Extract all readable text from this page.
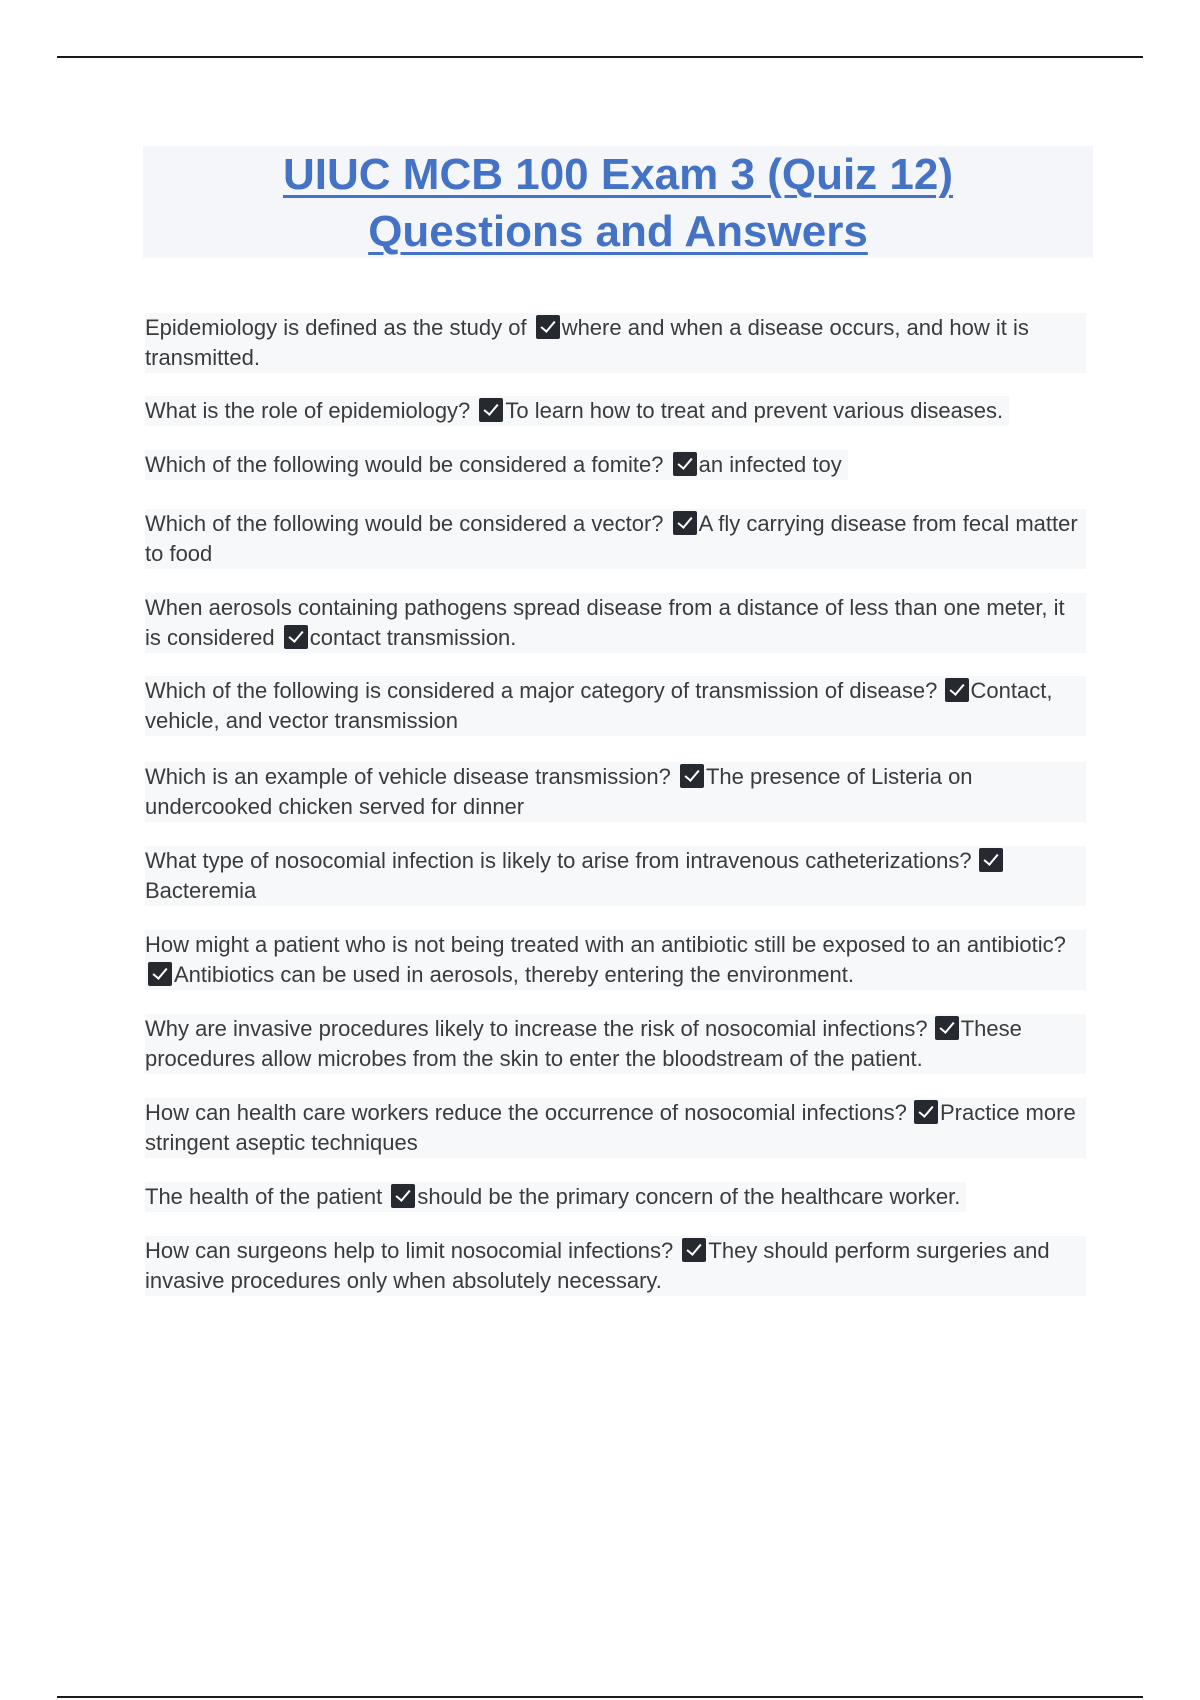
UIUC MCB 100 Exam 3 (Quiz 12)
Questions and Answers

Epidemiology is defined as the study of where and when a disease occurs, and how it is transmitted.

What is the role of epidemiology? To learn how to treat and prevent various diseases.

Which of the following would be considered a fomite? an infected toy

Which of the following would be considered a vector? A fly carrying disease from fecal matter to food

When aerosols containing pathogens spread disease from a distance of less than one meter, it is considered contact transmission.

Which of the following is considered a major category of transmission of disease? Contact, vehicle, and vector transmission

Which is an example of vehicle disease transmission? The presence of Listeria on undercooked chicken served for dinner

What type of nosocomial infection is likely to arise from intravenous catheterizations? Bacteremia

How might a patient who is not being treated with an antibiotic still be exposed to an antibiotic? Antibiotics can be used in aerosols, thereby entering the environment.

Why are invasive procedures likely to increase the risk of nosocomial infections? These procedures allow microbes from the skin to enter the bloodstream of the patient.

How can health care workers reduce the occurrence of nosocomial infections? Practice more stringent aseptic techniques

The health of the patient should be the primary concern of the healthcare worker.

How can surgeons help to limit nosocomial infections? They should perform surgeries and invasive procedures only when absolutely necessary.
